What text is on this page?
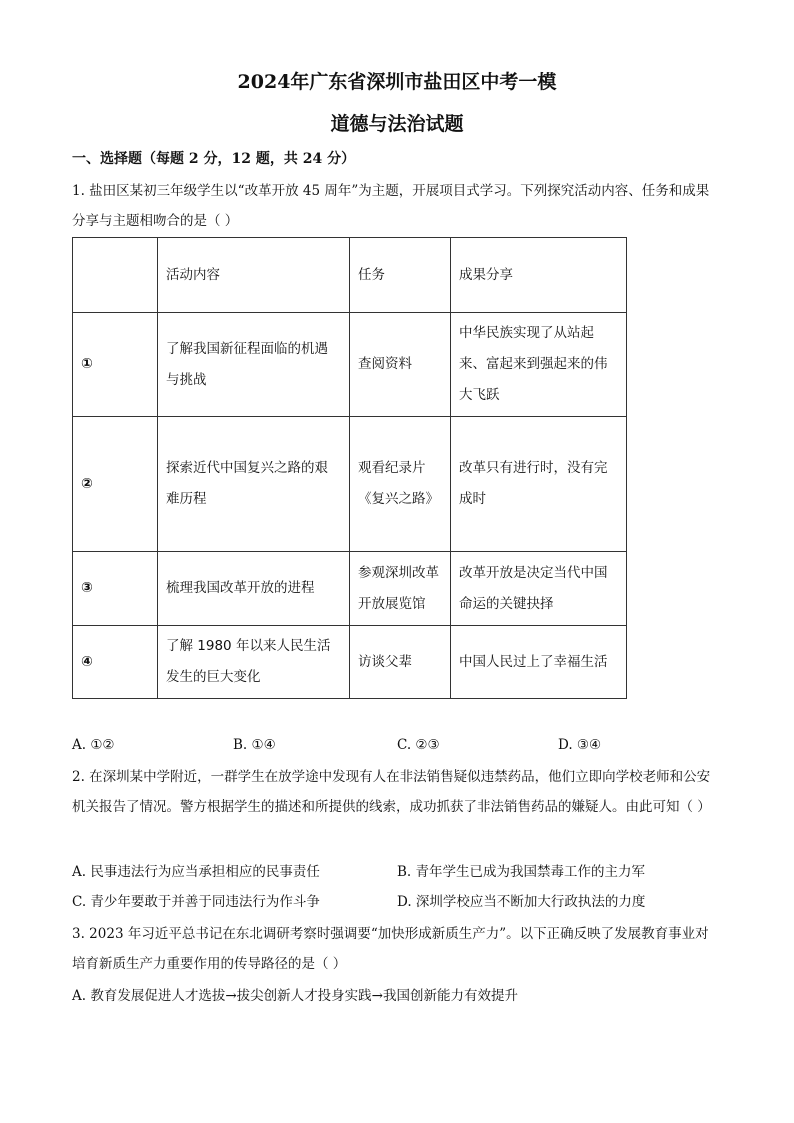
2024年广东省深圳市盐田区中考一模
道德与法治试题
一、选择题（每题 2 分，12 题，共 24 分）
1. 盐田区某初三年级学生以“改革开放 45 周年”为主题，开展项目式学习。下列探究活动内容、任务和成果分享与主题相吻合的是（ ）
	活动内容	任务	成果分享
①	了解我国新征程面临的机遇与挑战	查阅资料	中华民族实现了从站起来、富起来到强起来的伟大飞跃
②	探索近代中国复兴之路的艰难历程	观看纪录片《复兴之路》	改革只有进行时，没有完成时
③	梳理我国改革开放的进程	参观深圳改革开放展览馆	改革开放是决定当代中国命运的关键抉择
④	了解 1980 年以来人民生活发生的巨大变化	访谈父辈	中国人民过上了幸福生活
A. ①②	B. ①④	C. ②③	D. ③④
2. 在深圳某中学附近，一群学生在放学途中发现有人在非法销售疑似违禁药品，他们立即向学校老师和公安机关报告了情况。警方根据学生的描述和所提供的线索，成功抓获了非法销售药品的嫌疑人。由此可知（ ）
A. 民事违法行为应当承担相应的民事责任	B. 青年学生已成为我国禁毒工作的主力军
C. 青少年要敢于并善于同违法行为作斗争	D. 深圳学校应当不断加大行政执法的力度
3. 2023 年习近平总书记在东北调研考察时强调要“加快形成新质生产力”。以下正确反映了发展教育事业对培育新质生产力重要作用的传导路径的是（ ）
A. 教育发展促进人才选拔→拔尖创新人才投身实践→我国创新能力有效提升
